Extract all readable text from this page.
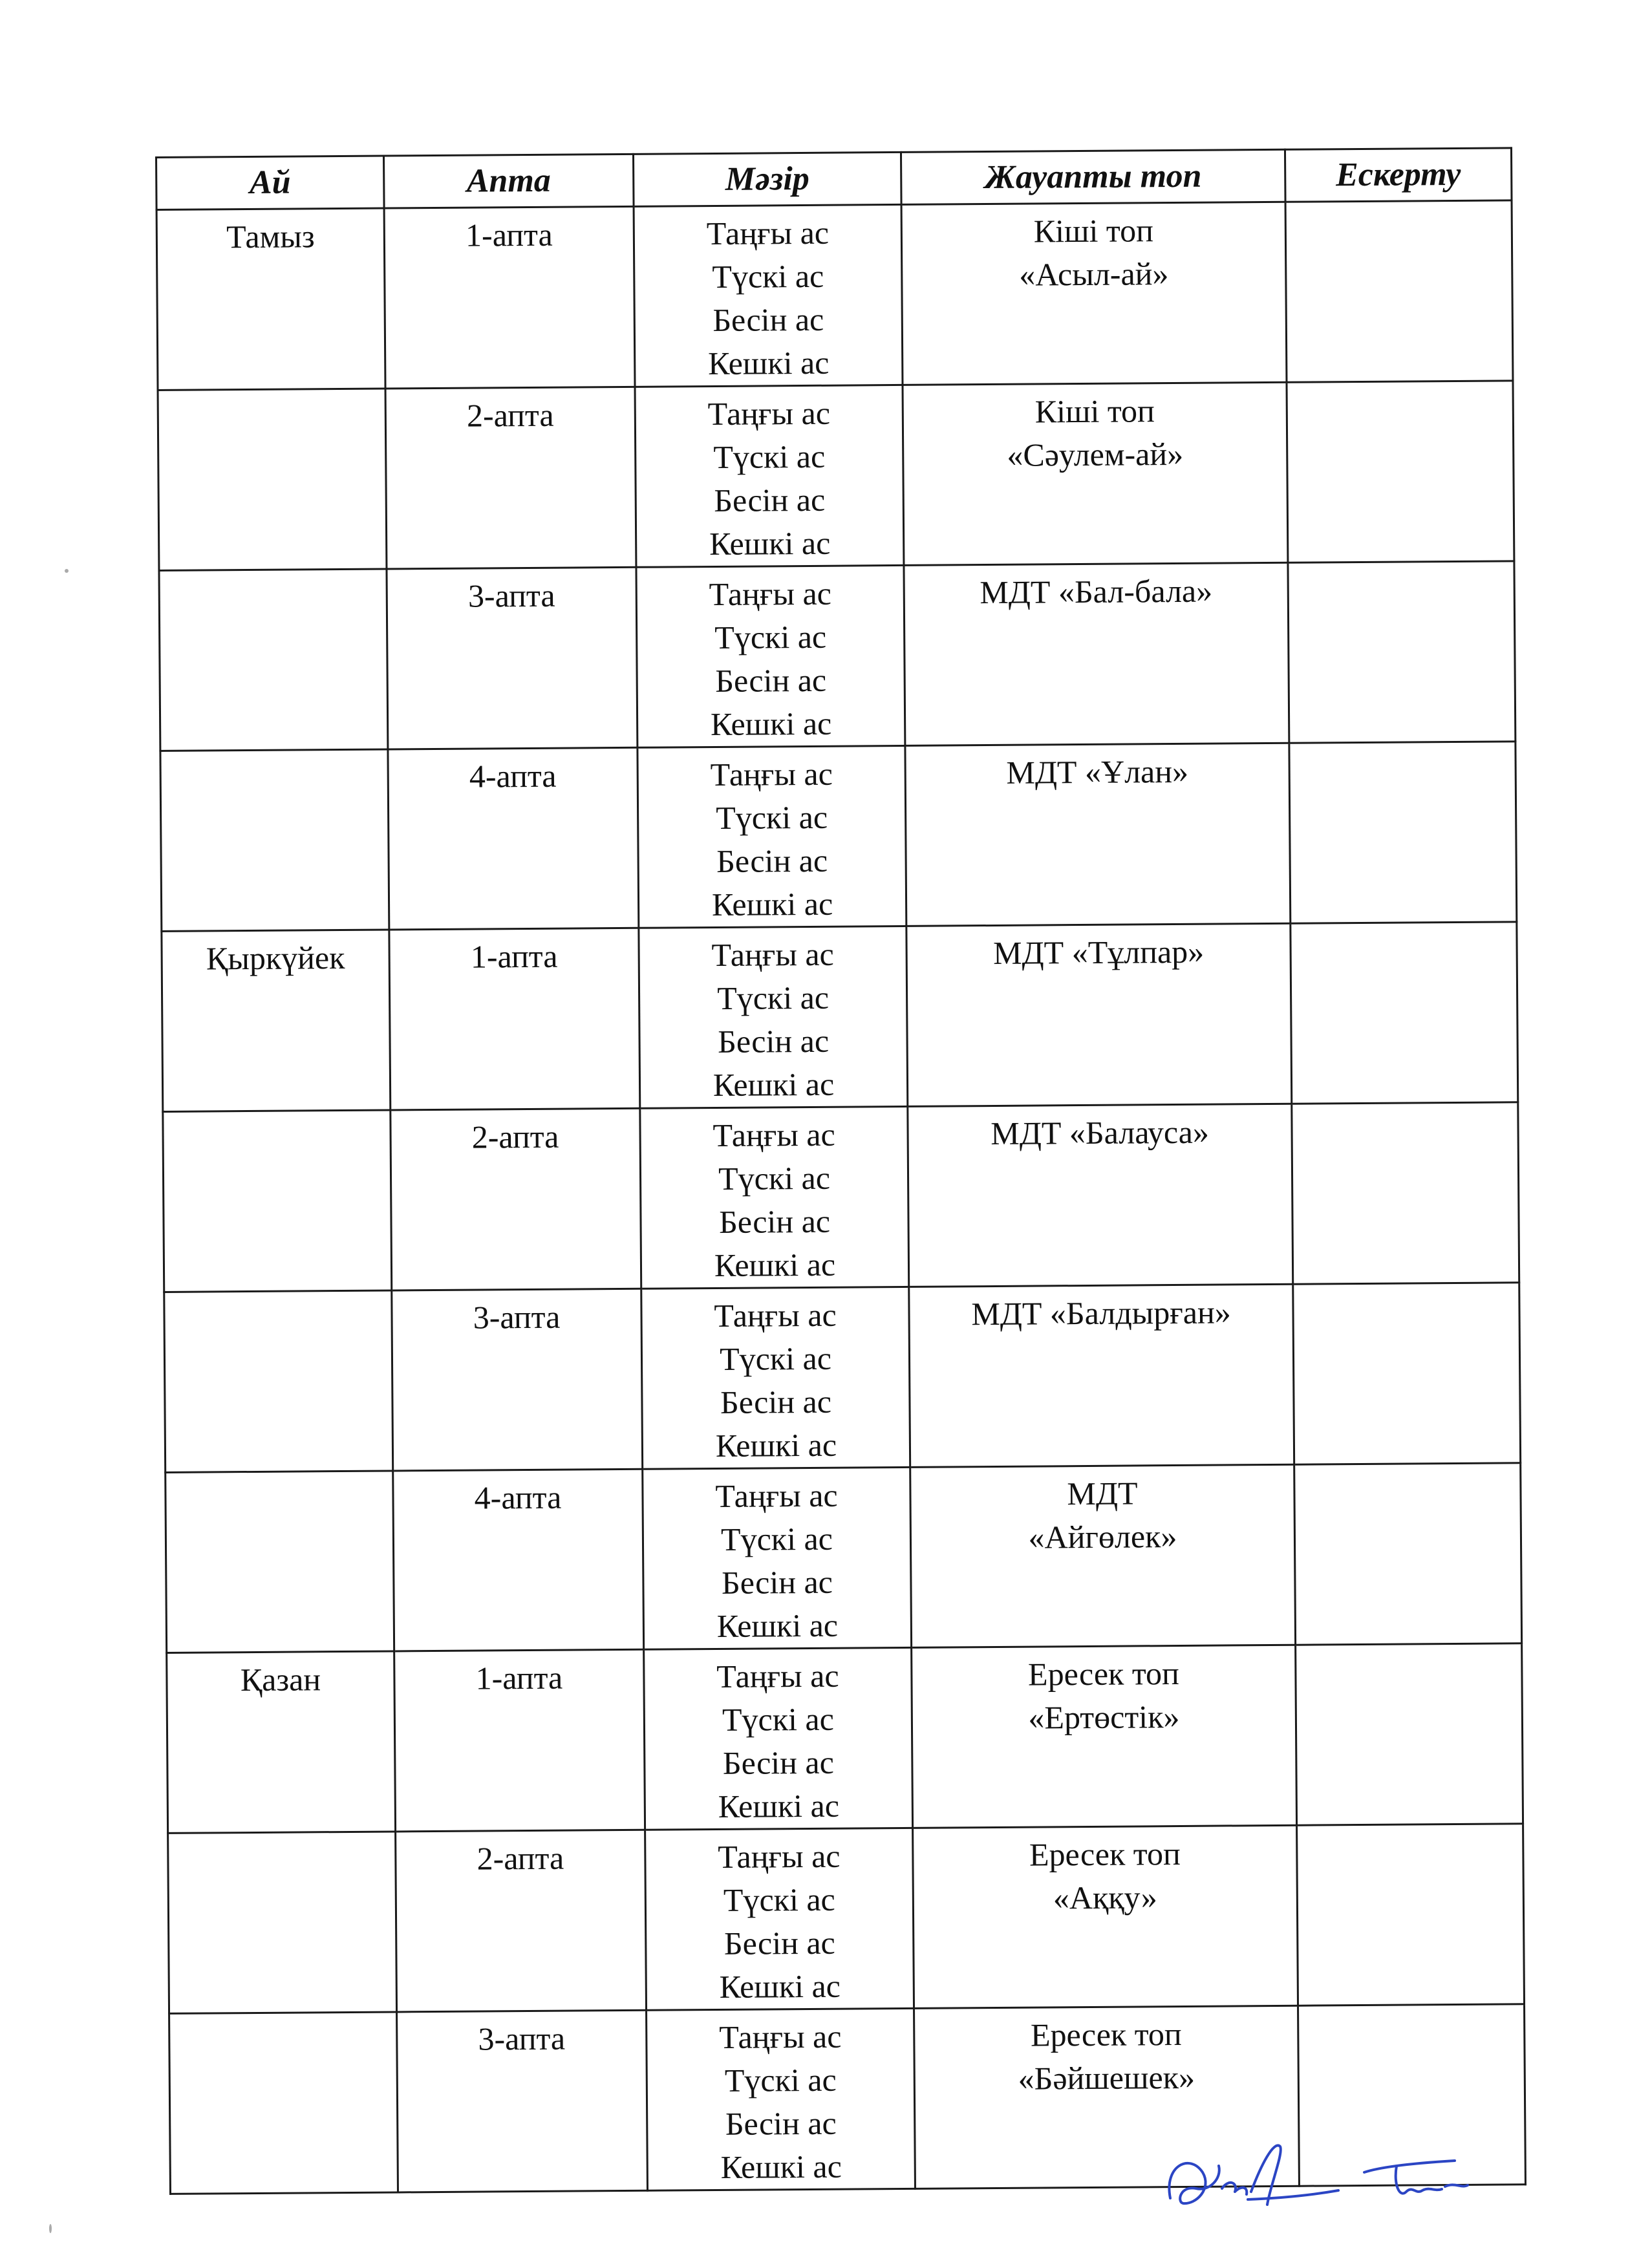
Ай	Апта	Мәзір	Жауапты топ	Ескерту
Тамыз	1-апта	Таңғы ас
Түскі ас
Бесін ас
Кешкі ас	Кіші топ
«Асыл-ай»	

	2-апта	Таңғы ас
Түскі ас
Бесін ас
Кешкі ас	Кіші топ
«Сәулем-ай»	

	3-апта	Таңғы ас
Түскі ас
Бесін ас
Кешкі ас	МДТ «Бал-бала»	

	4-апта	Таңғы ас
Түскі ас
Бесін ас
Кешкі ас	МДТ «Ұлан»	

Қыркүйек	1-апта	Таңғы ас
Түскі ас
Бесін ас
Кешкі ас	МДТ «Тұлпар»	

	2-апта	Таңғы ас
Түскі ас
Бесін ас
Кешкі ас	МДТ «Балауса»	

	3-апта	Таңғы ас
Түскі ас
Бесін ас
Кешкі ас	МДТ «Балдырған»	

	4-апта	Таңғы ас
Түскі ас
Бесін ас
Кешкі ас	МДТ
«Айгөлек»	

Қазан	1-апта	Таңғы ас
Түскі ас
Бесін ас
Кешкі ас	Ересек топ
«Ертөстік»	

	2-апта	Таңғы ас
Түскі ас
Бесін ас
Кешкі ас	Ересек топ
«Аққу»	

	3-апта	Таңғы ас
Түскі ас
Бесін ас
Кешкі ас	Ересек топ
«Бәйшешек»	
